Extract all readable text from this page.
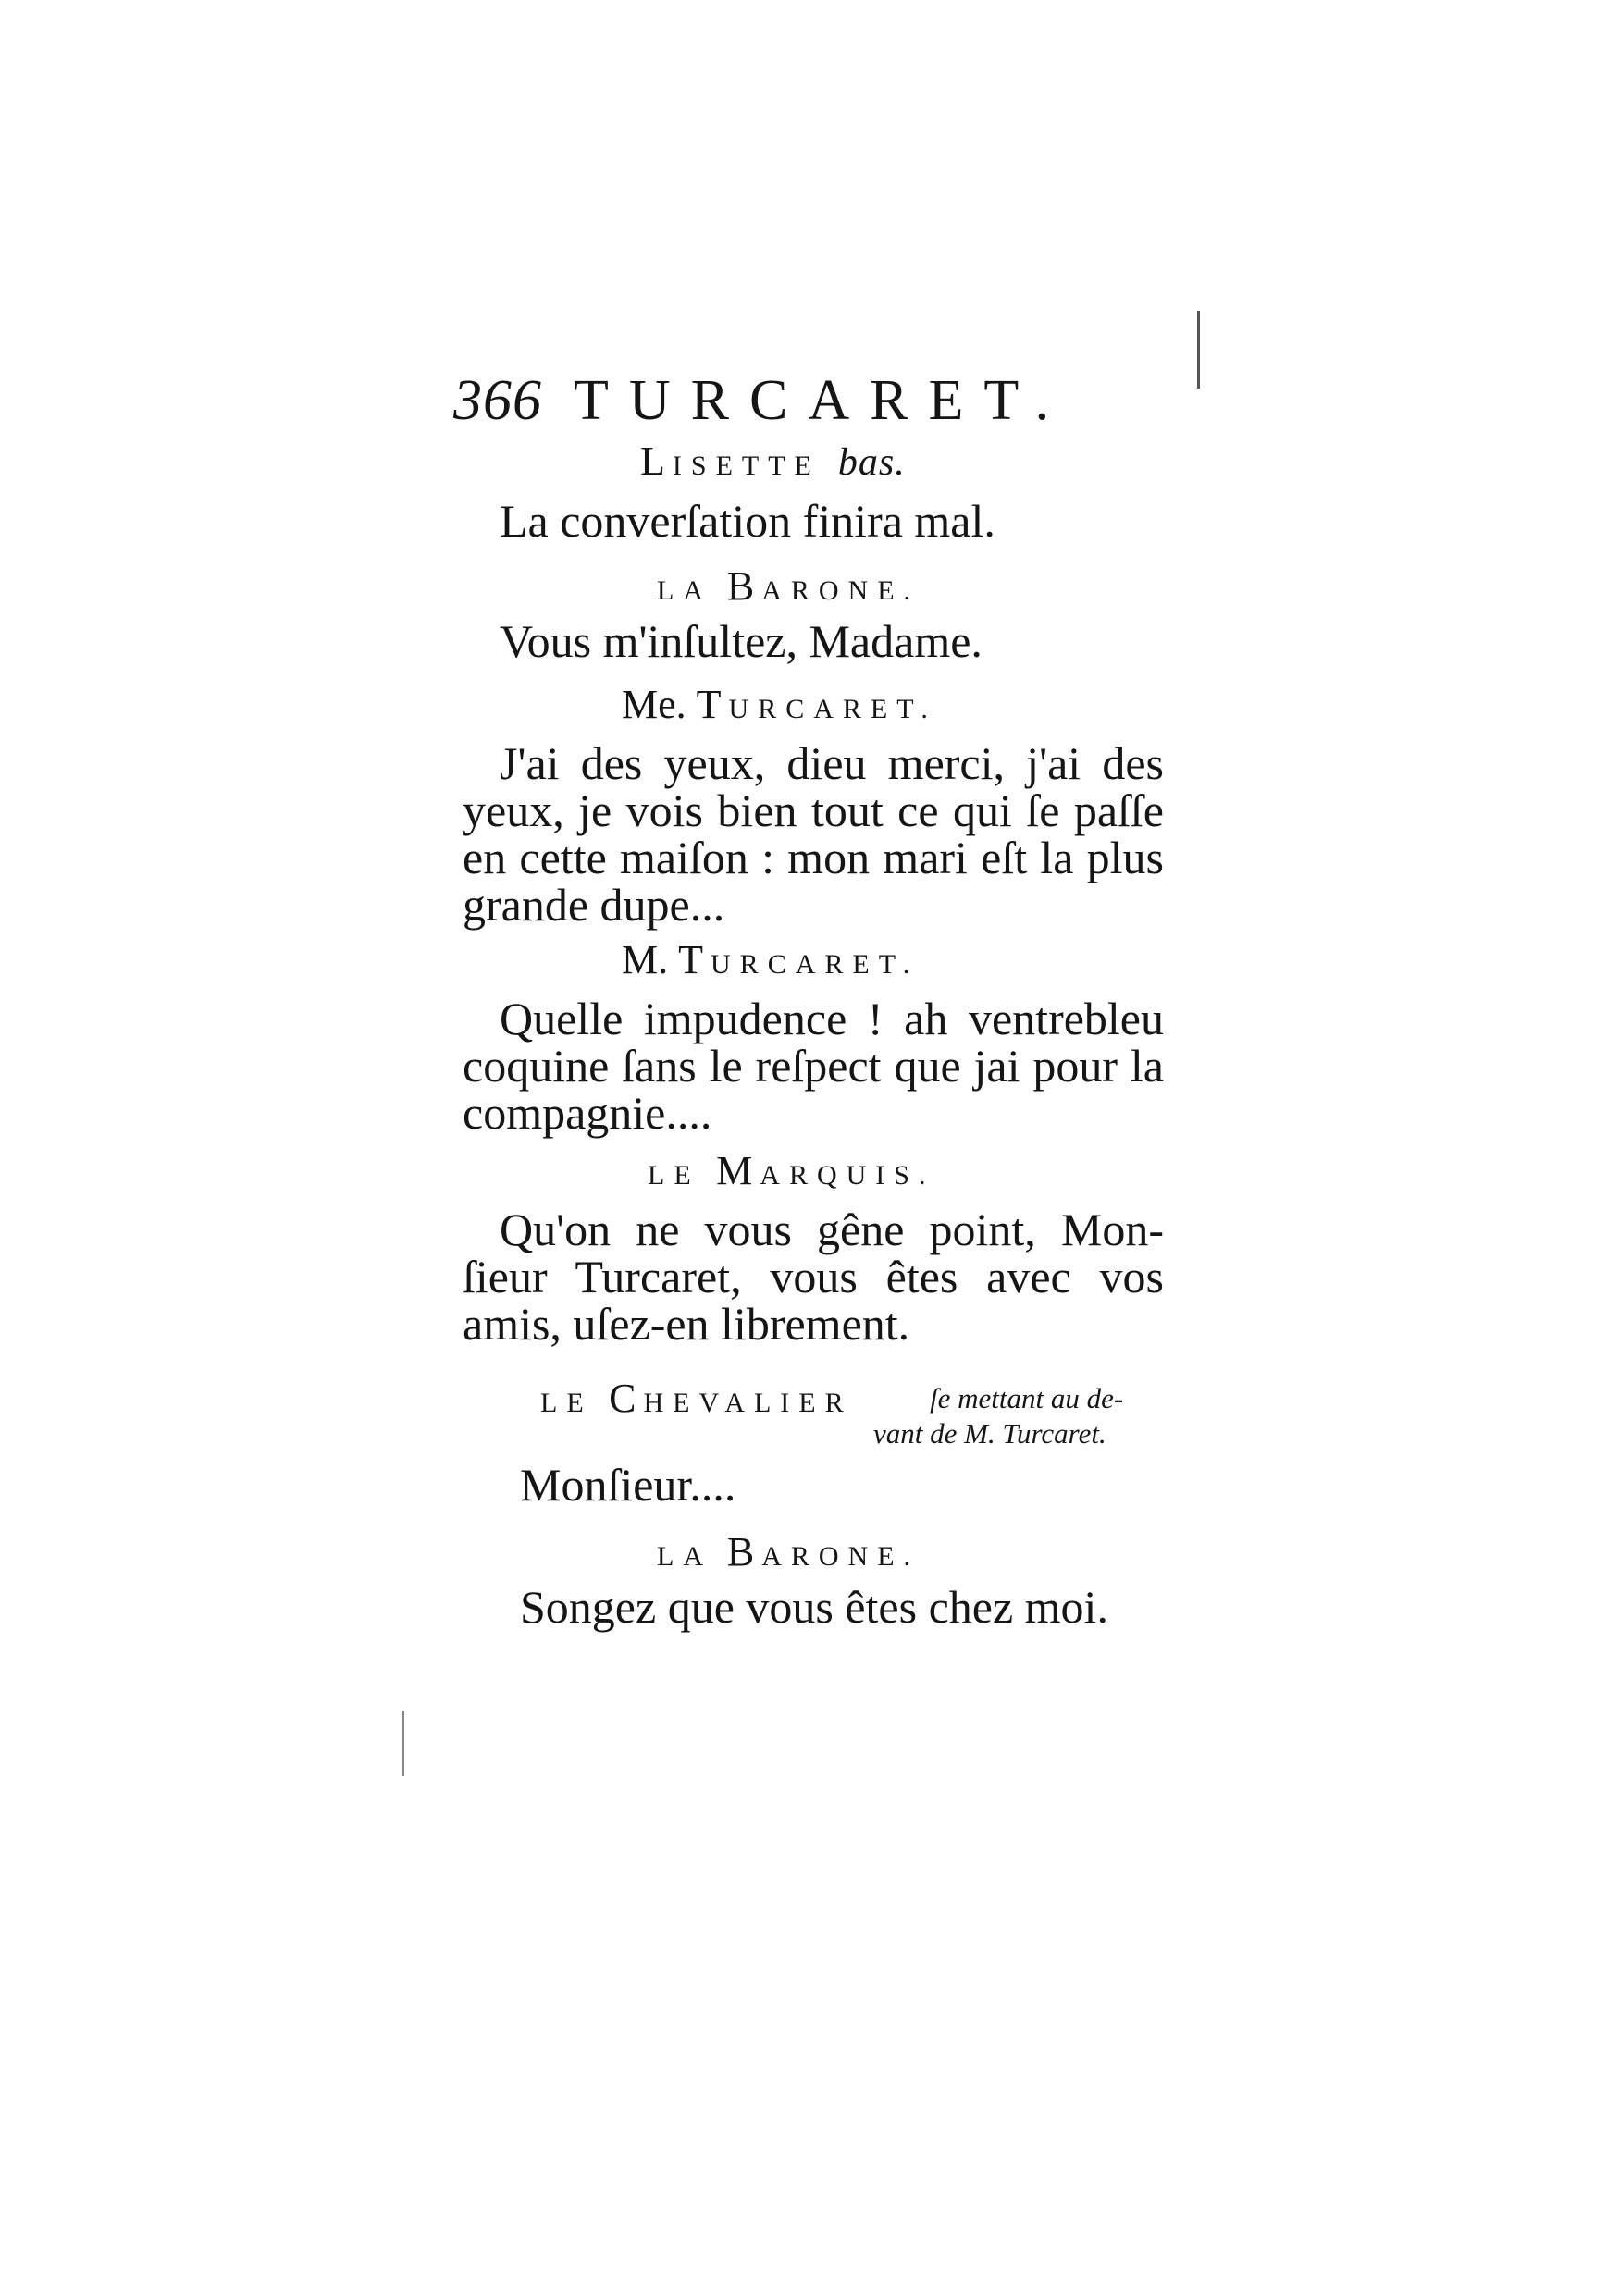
366 TURCARET.
LISETTE bas.
La converſation finira mal.
LA BARONE.
Vous m'inſultez, Madame.
Me. TURCARET.
J'ai des yeux, dieu merci, j'ai des
yeux, je vois bien tout ce qui ſe paſſe
en cette maiſon : mon mari eſt la plus
grande dupe...
M. TURCARET.
Quelle impudence ! ah ventrebleu
coquine ſans le reſpect que jai pour la
compagnie....
LE MARQUIS.
Qu'on ne vous gêne point, Mon-
ſieur Turcaret, vous êtes avec vos
amis, uſez-en librement.
LE CHEVALIER	ſe mettant au de-
vant de M. Turcaret.
Monſieur....
LA BARONE.
Songez que vous êtes chez moi.
